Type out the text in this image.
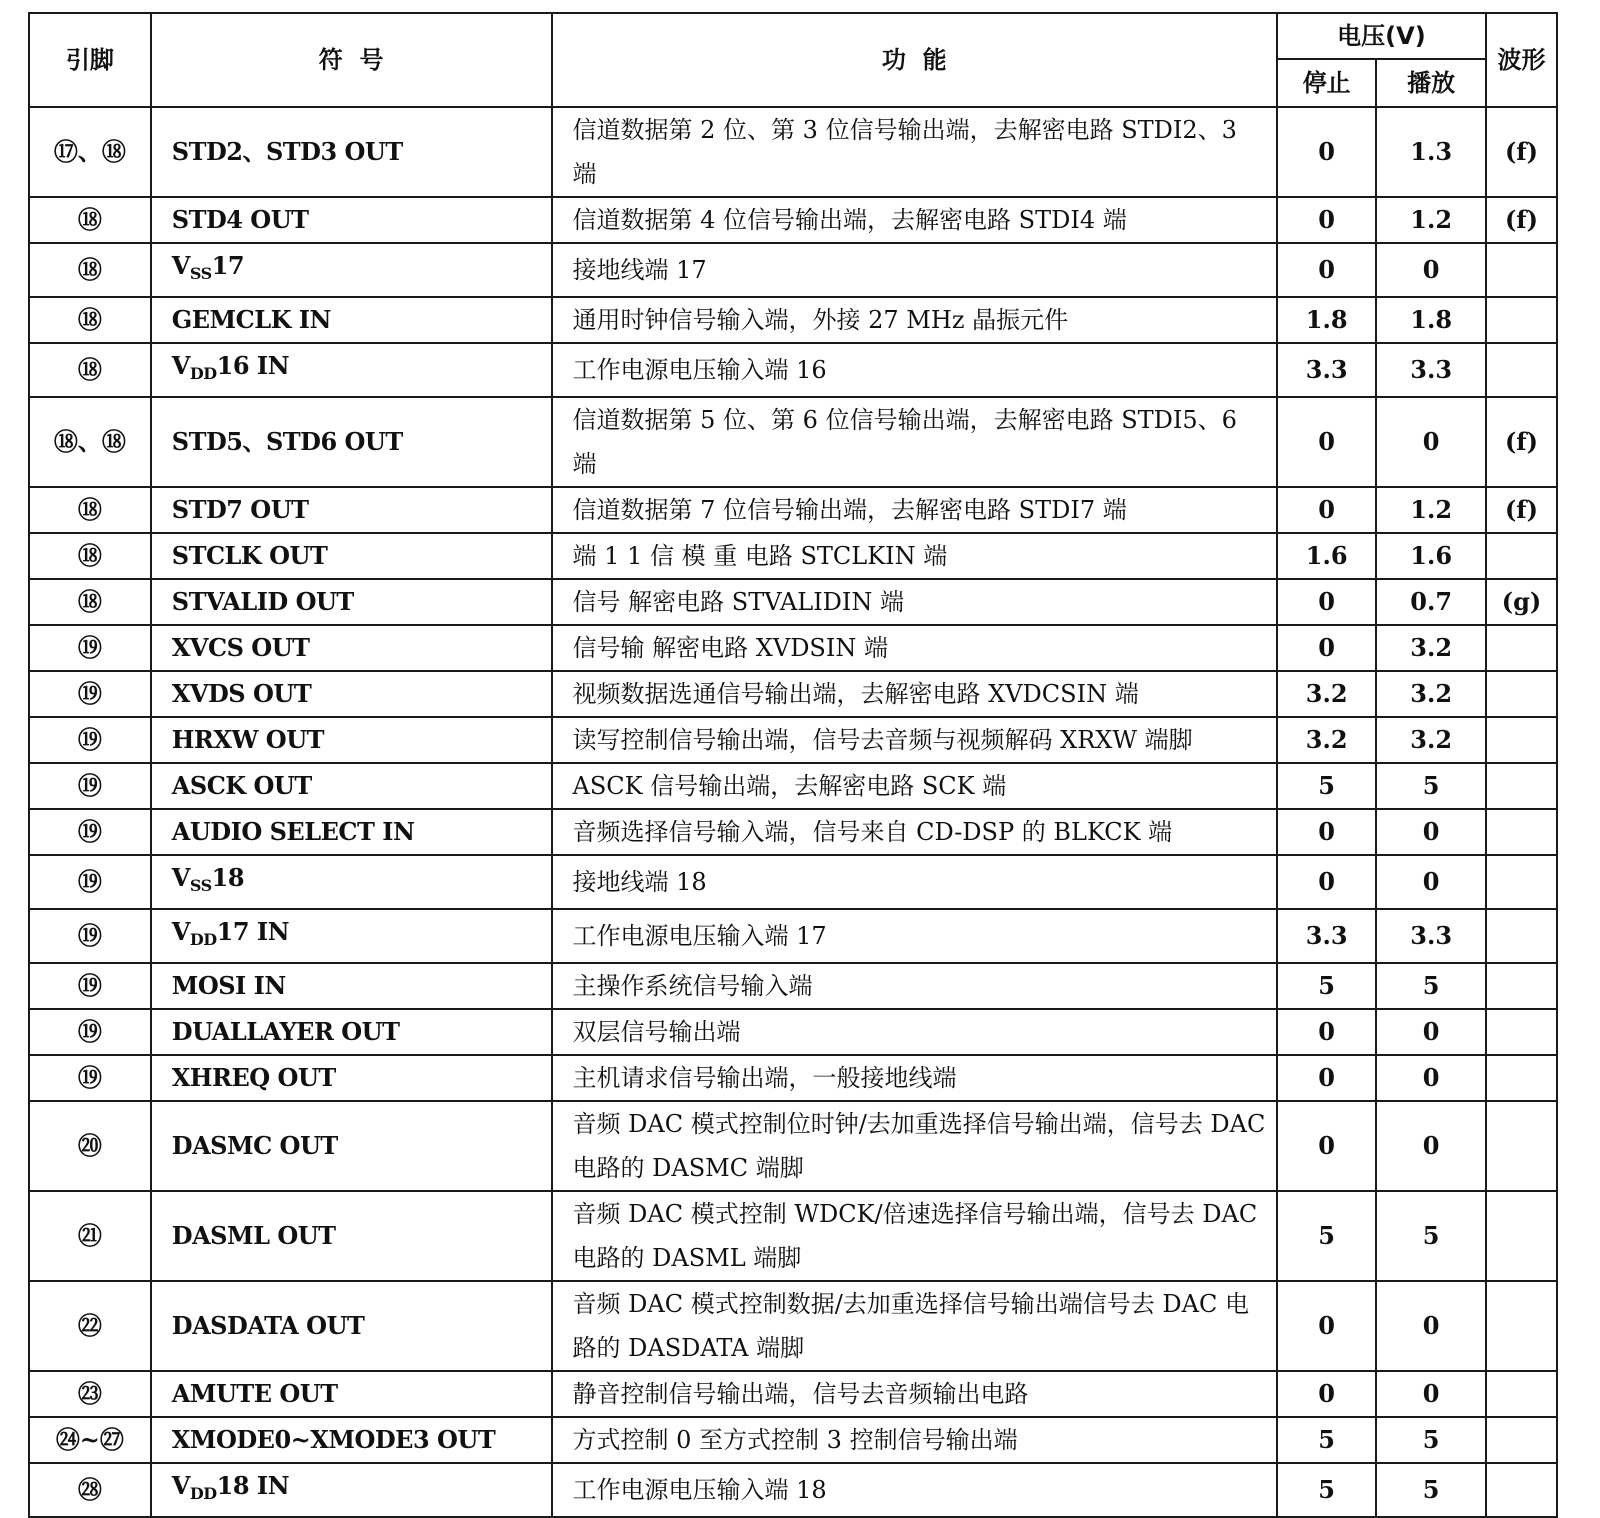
引脚	符  号	功  能	电压(V)		波形
			停止	播放	
⑰、⑱	STD2、STD3 OUT	信道数据第 2 位、第 3 位信号输出端，去解密电路 STDI2、3 端	0	1.3	(f)
⑱	STD4 OUT	信道数据第 4 位信号输出端，去解密电路 STDI4 端	0	1.2	(f)
⑱	$V_{SS}17$	接地线端 17	0	0	
⑱	GEMCLK IN	通用时钟信号输入端，外接 27 MHz 晶振元件	1.8	1.8	
⑱	$V_{DD}16$ IN	工作电源电压输入端 16	3.3	3.3	
⑱、⑱	STD5、STD6 OUT	信道数据第 5 位、第 6 位信号输出端，去解密电路 STDI5、6 端	0	0	(f)
⑱	STD7 OUT	信道数据第 7 位信号输出端，去解密电路 STDI7 端	0	1.2	(f)
⑱	STCLK OUT	端 1 1 信 模 重 电路 STCLKIN 端	1.6	1.6	
⑱	STVALID OUT	信号 解密电路 STVALIDIN 端	0	0.7	(g)
⑲	XVCS OUT	信号输 解密电路 XVDSIN 端	0	3.2	
⑲	XVDS OUT	视频数据选通信号输出端，去解密电路 XVDCSIN 端	3.2	3.2	
⑲	HRXW OUT	读写控制信号输出端，信号去音频与视频解码 XRXW 端脚	3.2	3.2	
⑲	ASCK OUT	ASCK 信号输出端，去解密电路 SCK 端	5	5	
⑲	AUDIO SELECT IN	音频选择信号输入端，信号来自 CD-DSP 的 BLKCK 端	0	0	
⑲	$V_{SS}18$	接地线端 18	0	0	
⑲	$V_{DD}17$ IN	工作电源电压输入端 17	3.3	3.3	
⑲	MOSI IN	主操作系统信号输入端	5	5	
⑲	DUALLAYER OUT	双层信号输出端	0	0	
⑲	XHREQ OUT	主机请求信号输出端，一般接地线端	0	0	
⑳	DASMC OUT	音频 DAC 模式控制位时钟/去加重选择信号输出端，信号去 DAC 电路的 DASMC 端脚	0	0	
㉑	DASML OUT	音频 DAC 模式控制 WDCK/倍速选择信号输出端，信号去 DAC 电路的 DASML 端脚	5	5	
㉒	DASDATA OUT	音频 DAC 模式控制数据/去加重选择信号输出端信号去 DAC 电路的 DASDATA 端脚	0	0	
㉓	AMUTE OUT	静音控制信号输出端，信号去音频输出电路	0	0	
㉔~㉗	XMODE0~XMODE3 OUT	方式控制 0 至方式控制 3 控制信号输出端	5	5	
㉘	$V_{DD}18$ IN	工作电源电压输入端 18	5	5	
